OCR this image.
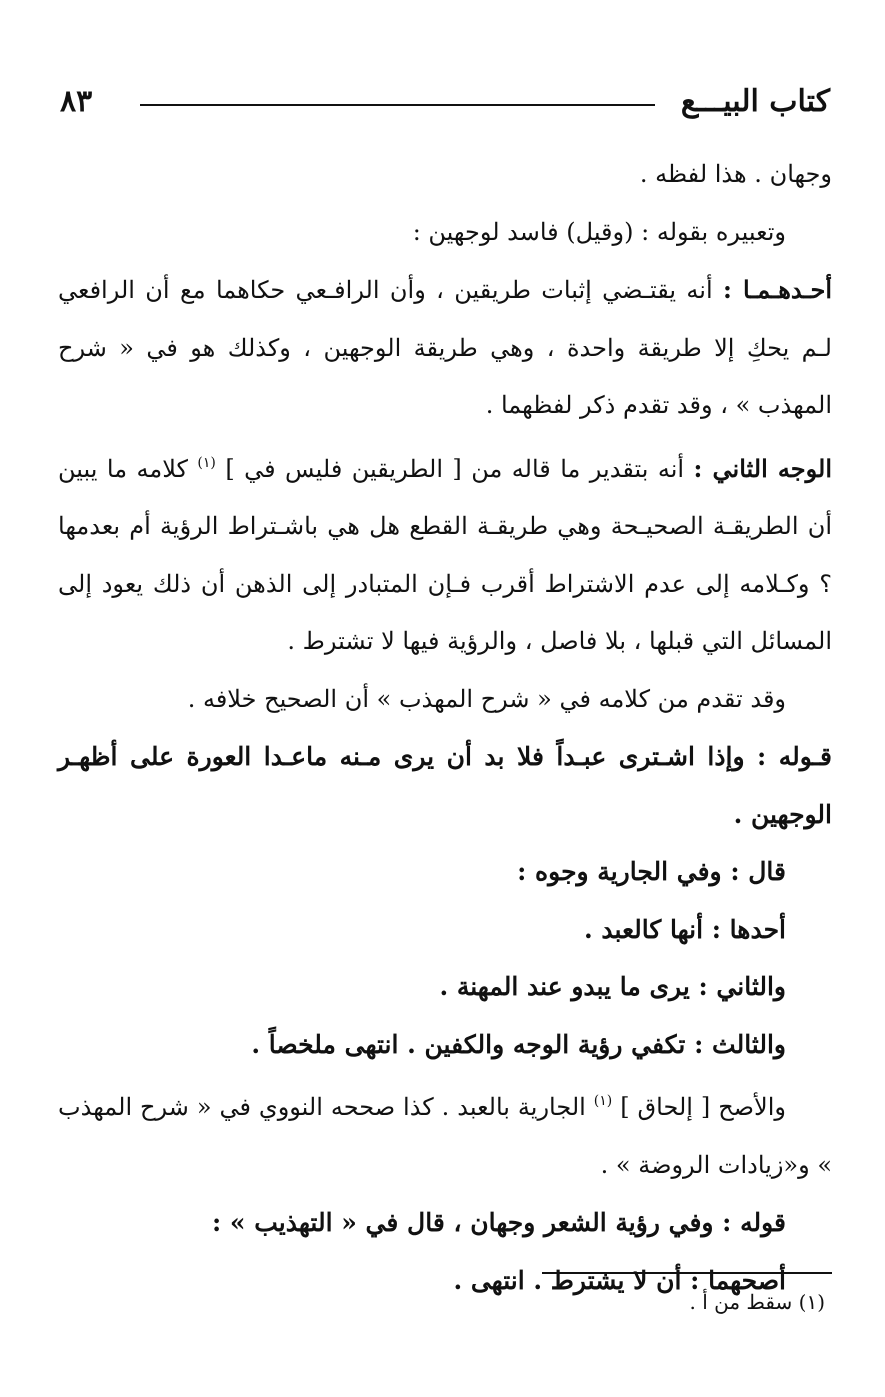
كتاب البيـــع
٨٣

وجهان . هذا لفظه .

وتعبيره بقوله : (وقيل) فاسد لوجهين :

أحـدهـمـا : أنه يقتـضي إثبات طريقين ، وأن الرافـعي حكاهما مع أن الرافعي لـم يحكِ إلا طريقة واحدة ، وهي طريقة الوجهين ، وكذلك هو في « شرح المهذب » ، وقد تقدم ذكر لفظهما .

الوجه الثاني : أنه بتقدير ما قاله من [ الطريقين فليس في ] $^{(١)}$ كلامه ما يبين أن الطريقـة الصحيـحة وهي طريقـة القطع هل هي باشـتراط الرؤية أم بعدمها ؟ وكـلامه إلى عدم الاشتراط أقرب فـإن المتبادر إلى الذهن أن ذلك يعود إلى المسائل التي قبلها ، بلا فاصل ، والرؤية فيها لا تشترط .

وقد تقدم من كلامه في « شرح المهذب » أن الصحيح خلافه .

قـوله : وإذا اشـترى عبـداً فلا بد أن يرى مـنه ماعـدا العورة على أظهـر الوجهين .

قال : وفي الجارية وجوه :

أحدها : أنها كالعبد .

والثاني : يرى ما يبدو عند المهنة .

والثالث : تكفي رؤية الوجه والكفين . انتهى ملخصاً .

والأصح [ إلحاق ] $^{(١)}$ الجارية بالعبد . كذا صححه النووي في « شرح المهذب » و«زيادات الروضة » .

قوله : وفي رؤية الشعر وجهان ، قال في « التهذيب » :

أصحهما : أن لا يشترط . انتهى .

(١) سقط من أ .
